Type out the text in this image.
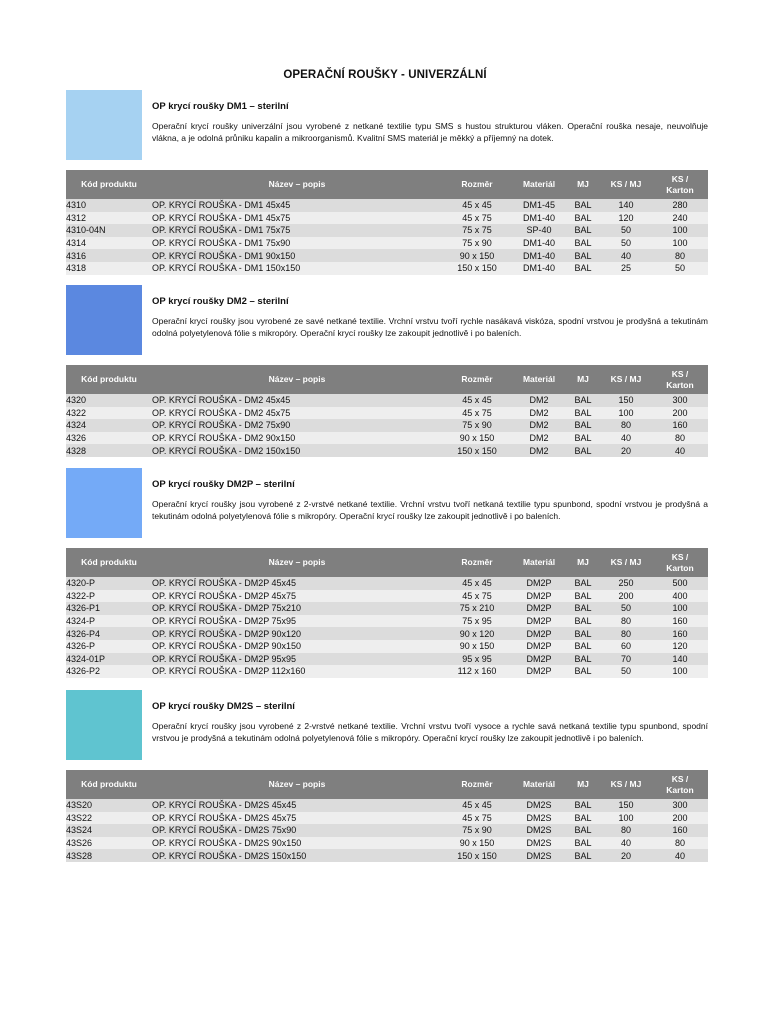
OPERAČNÍ ROUŠKY - UNIVERZÁLNÍ
OP krycí roušky DM1 – sterilní
Operační krycí roušky univerzální jsou vyrobené z netkané textilie typu SMS s hustou strukturou vláken. Operační rouška nesaje, neuvolňuje vlákna, a je odolná průniku kapalin a mikroorganismů. Kvalitní SMS materiál je měkký a příjemný na dotek.
Kód produktu	Název – popis	Rozměr	Materiál	MJ	KS / MJ	KS /
Karton
4310	OP. KRYCÍ ROUŠKA - DM1 45x45	45 x 45	DM1-45	BAL	140	280
4312	OP. KRYCÍ ROUŠKA - DM1 45x75	45 x 75	DM1-40	BAL	120	240
4310-04N	OP. KRYCÍ ROUŠKA - DM1 75x75	75 x 75	SP-40	BAL	50	100
4314	OP. KRYCÍ ROUŠKA - DM1 75x90	75 x 90	DM1-40	BAL	50	100
4316	OP. KRYCÍ ROUŠKA - DM1 90x150	90 x 150	DM1-40	BAL	40	80
4318	OP. KRYCÍ ROUŠKA - DM1 150x150	150 x 150	DM1-40	BAL	25	50
OP krycí roušky DM2 – sterilní
Operační krycí roušky jsou vyrobené ze savé netkané textilie. Vrchní vrstvu tvoří rychle nasákavá viskóza, spodní vrstvou je prodyšná a tekutinám odolná polyetylenová fólie s mikropóry. Operační krycí roušky lze zakoupit jednotlivě i po baleních.
Kód produktu	Název – popis	Rozměr	Materiál	MJ	KS / MJ	KS /
Karton
4320	OP. KRYCÍ ROUŠKA - DM2 45x45	45 x 45	DM2	BAL	150	300
4322	OP. KRYCÍ ROUŠKA - DM2 45x75	45 x 75	DM2	BAL	100	200
4324	OP. KRYCÍ ROUŠKA - DM2 75x90	75 x 90	DM2	BAL	80	160
4326	OP. KRYCÍ ROUŠKA - DM2 90x150	90 x 150	DM2	BAL	40	80
4328	OP. KRYCÍ ROUŠKA - DM2 150x150	150 x 150	DM2	BAL	20	40
OP krycí roušky DM2P – sterilní
Operační krycí roušky jsou vyrobené z 2-vrstvé netkané textilie. Vrchní vrstvu tvoří netkaná textilie typu spunbond, spodní vrstvou je prodyšná a tekutinám odolná polyetylenová fólie s mikropóry. Operační krycí roušky lze zakoupit jednotlivě i po baleních.
Kód produktu	Název – popis	Rozměr	Materiál	MJ	KS / MJ	KS /
Karton
4320-P	OP. KRYCÍ ROUŠKA - DM2P 45x45	45 x 45	DM2P	BAL	250	500
4322-P	OP. KRYCÍ ROUŠKA - DM2P 45x75	45 x 75	DM2P	BAL	200	400
4326-P1	OP. KRYCÍ ROUŠKA - DM2P 75x210	75 x 210	DM2P	BAL	50	100
4324-P	OP. KRYCÍ ROUŠKA - DM2P 75x95	75 x 95	DM2P	BAL	80	160
4326-P4	OP. KRYCÍ ROUŠKA - DM2P 90x120	90 x 120	DM2P	BAL	80	160
4326-P	OP. KRYCÍ ROUŠKA - DM2P 90x150	90 x 150	DM2P	BAL	60	120
4324-01P	OP. KRYCÍ ROUŠKA - DM2P 95x95	95 x 95	DM2P	BAL	70	140
4326-P2	OP. KRYCÍ ROUŠKA - DM2P 112x160	112 x 160	DM2P	BAL	50	100
OP krycí roušky DM2S – sterilní
Operační krycí roušky jsou vyrobené z 2-vrstvé netkané textilie. Vrchní vrstvu tvoří vysoce a rychle savá netkaná textilie typu spunbond, spodní vrstvou je prodyšná a tekutinám odolná polyetylenová fólie s mikropóry. Operační krycí roušky lze zakoupit jednotlivě i po baleních.
Kód produktu	Název – popis	Rozměr	Materiál	MJ	KS / MJ	KS /
Karton
43S20	OP. KRYCÍ ROUŠKA - DM2S 45x45	45 x 45	DM2S	BAL	150	300
43S22	OP. KRYCÍ ROUŠKA - DM2S 45x75	45 x 75	DM2S	BAL	100	200
43S24	OP. KRYCÍ ROUŠKA - DM2S 75x90	75 x 90	DM2S	BAL	80	160
43S26	OP. KRYCÍ ROUŠKA - DM2S 90x150	90 x 150	DM2S	BAL	40	80
43S28	OP. KRYCÍ ROUŠKA - DM2S 150x150	150 x 150	DM2S	BAL	20	40
